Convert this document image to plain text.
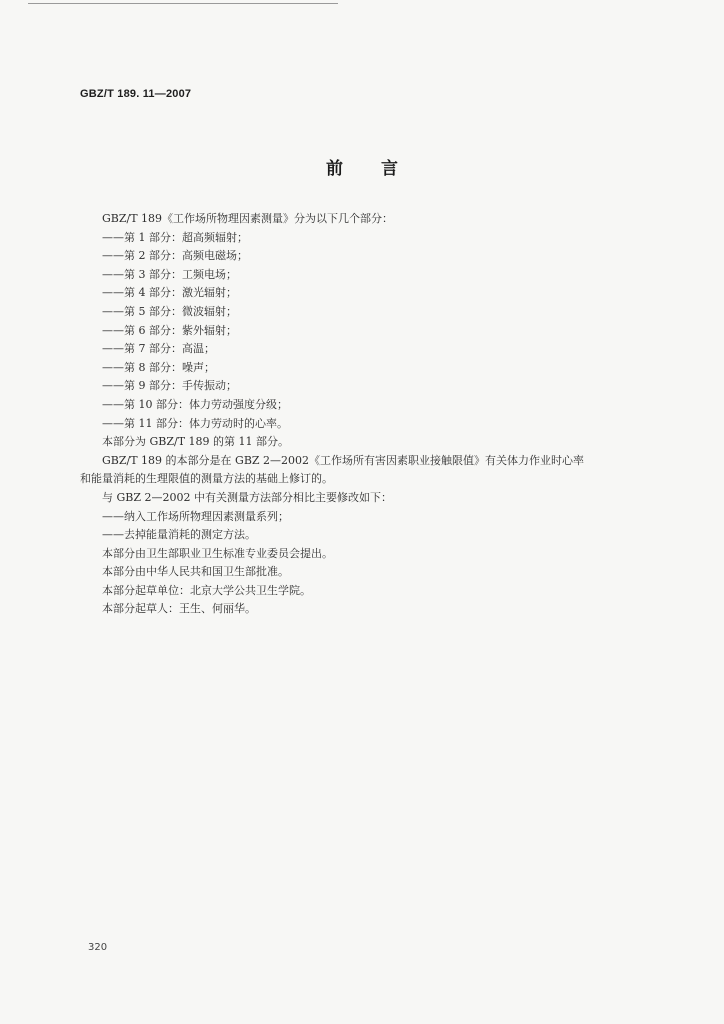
GBZ/T 189. 11—2007
前言
GBZ/T 189《工作场所物理因素测量》分为以下几个部分：
——第 1 部分：超高频辐射；
——第 2 部分：高频电磁场；
——第 3 部分：工频电场；
——第 4 部分：激光辐射；
——第 5 部分：微波辐射；
——第 6 部分：紫外辐射；
——第 7 部分：高温；
——第 8 部分：噪声；
——第 9 部分：手传振动；
——第 10 部分：体力劳动强度分级；
——第 11 部分：体力劳动时的心率。
本部分为 GBZ/T 189 的第 11 部分。
GBZ/T 189 的本部分是在 GBZ 2—2002《工作场所有害因素职业接触限值》有关体力作业时心率
和能量消耗的生理限值的测量方法的基础上修订的。
与 GBZ 2—2002 中有关测量方法部分相比主要修改如下：
——纳入工作场所物理因素测量系列；
——去掉能量消耗的测定方法。
本部分由卫生部职业卫生标准专业委员会提出。
本部分由中华人民共和国卫生部批准。
本部分起草单位：北京大学公共卫生学院。
本部分起草人：王生、何丽华。
320
